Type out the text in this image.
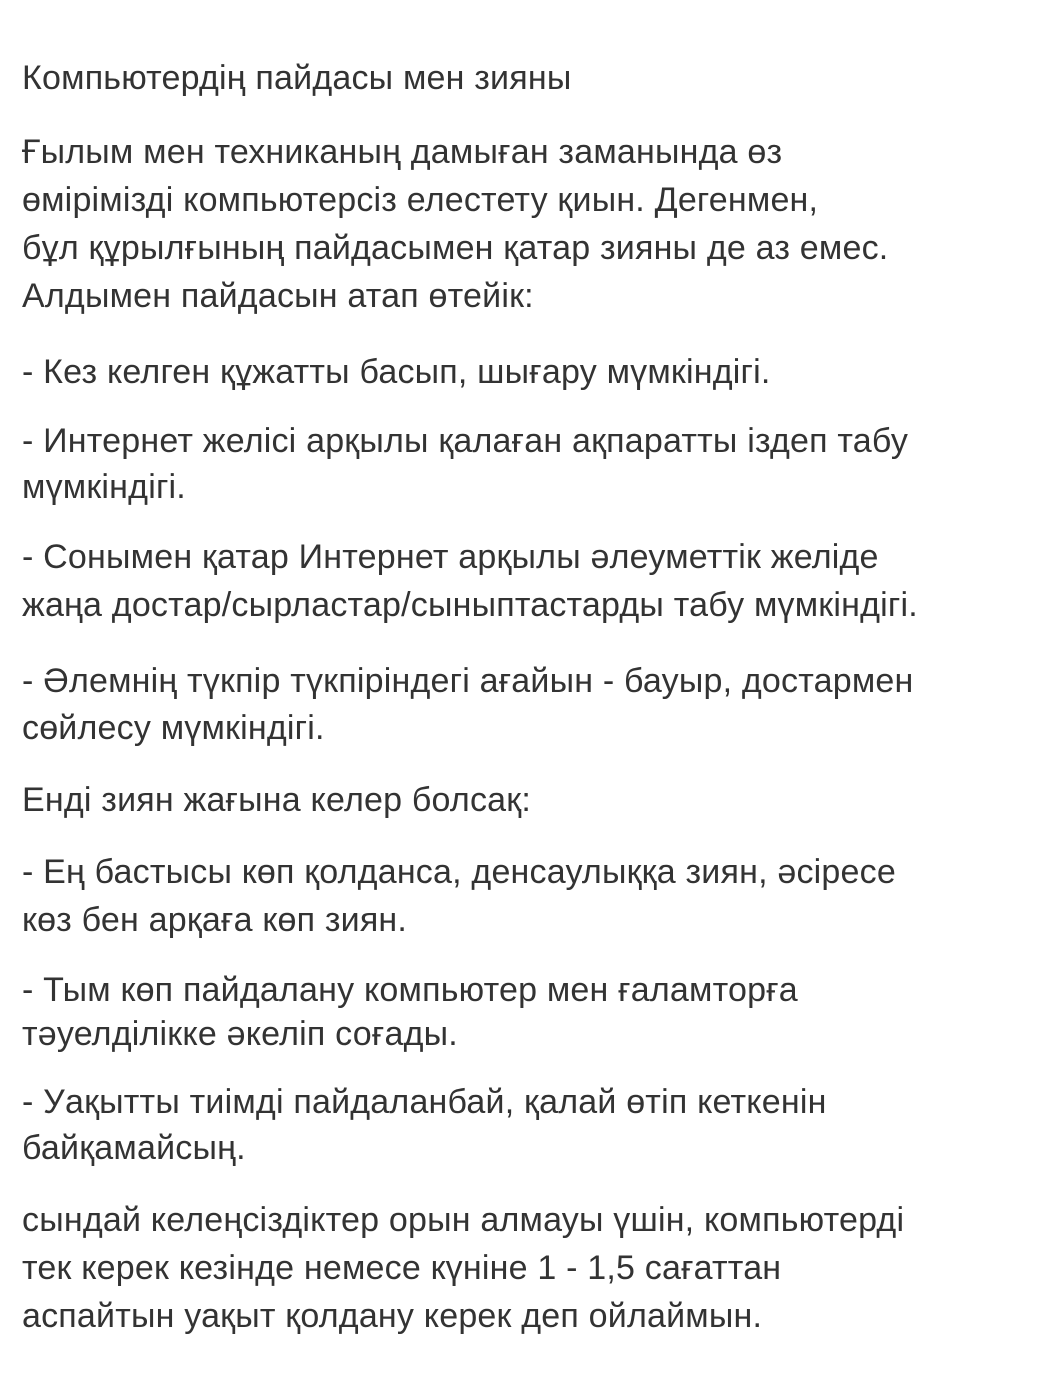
Компьютердің пайдасы мен зияны
Ғылым мен техниканың дамыған заманында өз
өмірімізді компьютерсіз елестету қиын. Дегенмен,
бұл құрылғының пайдасымен қатар зияны де аз емес.
Алдымен пайдасын атап өтейік:
- Кез келген құжатты басып, шығару мүмкіндігі.
- Интернет желісі арқылы қалаған ақпаратты іздеп табу
мүмкіндігі.
- Сонымен қатар Интернет арқылы әлеуметтік желіде
жаңа достар/сырластар/сыныптастарды табу мүмкіндігі.
- Әлемнің түкпір түкпіріндегі ағайын - бауыр, достармен
сөйлесу мүмкіндігі.
Енді зиян жағына келер болсақ:
- Ең бастысы көп қолданса, денсаулыққа зиян, әсіресе
көз бен арқаға көп зиян.
- Тым көп пайдалану компьютер мен ғаламторға
тәуелділікке әкеліп соғады.
- Уақытты тиімді пайдаланбай, қалай өтіп кеткенін
байқамайсың.
сындай келеңсіздіктер орын алмауы үшін, компьютерді
тек керек кезінде немесе күніне 1 - 1,5 сағаттан
аспайтын уақыт қолдану керек деп ойлаймын.
